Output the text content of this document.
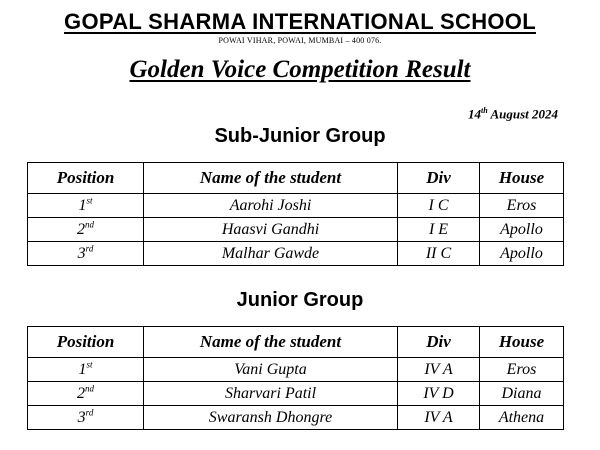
GOPAL SHARMA INTERNATIONAL SCHOOL
POWAI VIHAR, POWAI, MUMBAI – 400 076.
Golden Voice Competition Result
14th August 2024
Sub-Junior Group
Position	Name of the student	Div	House
1st	Aarohi Joshi	I C	Eros
2nd	Haasvi Gandhi	I E	Apollo
3rd	Malhar Gawde	II C	Apollo
Junior Group
Position	Name of the student	Div	House
1st	Vani Gupta	IV A	Eros
2nd	Sharvari Patil	IV D	Diana
3rd	Swaransh Dhongre	IV A	Athena
